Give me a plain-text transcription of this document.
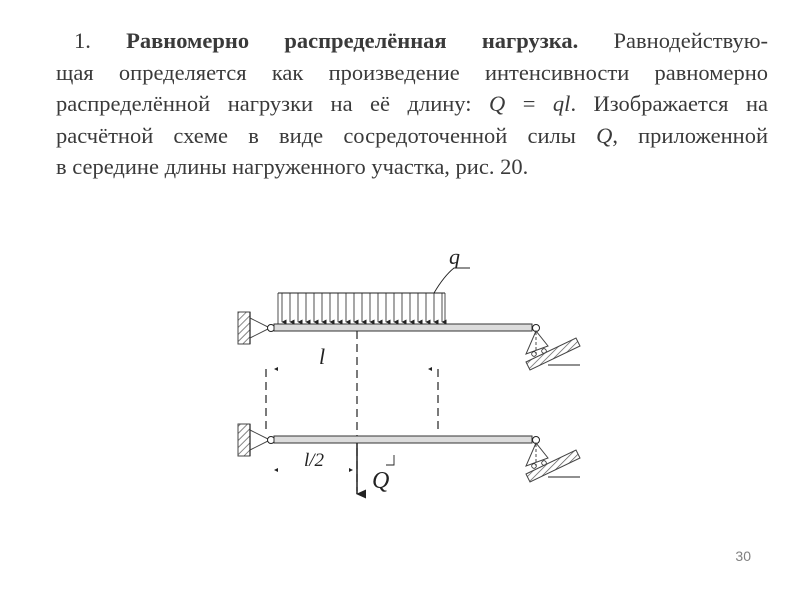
1. Равномерно распределённая нагрузка. Равнодействую-
щая определяется как произведение интенсивности равномерно
распределённой нагрузки на её длину: Q = ql. Изображается на
расчётной схеме в виде сосредоточенной силы Q, приложенной
в середине длины нагруженного участка, рис. 20.
q
l
l/2
Q
30
